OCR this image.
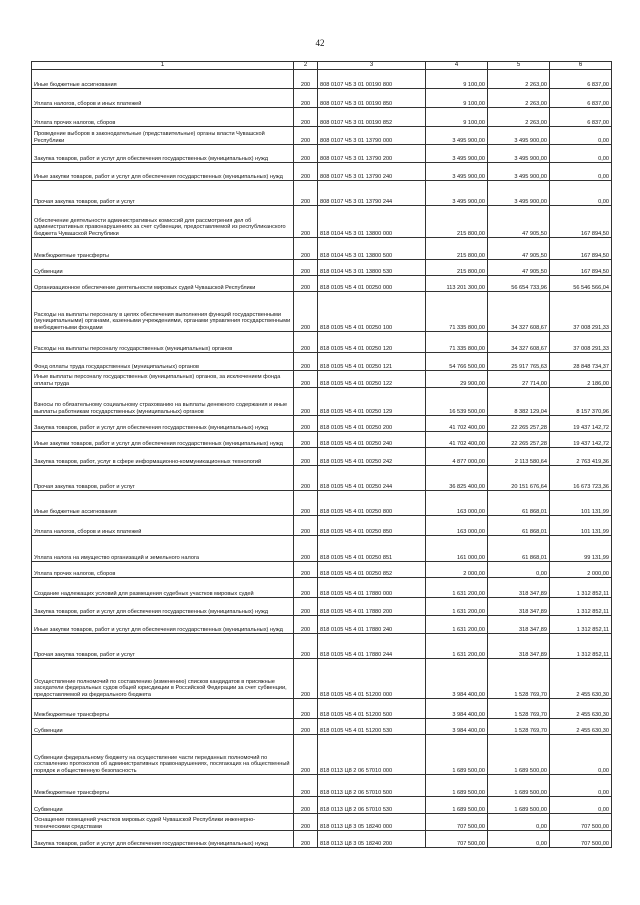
42
1	2	3	4	5	6
Иные бюджетные ассигнования	200	808 0107 Ч5 3 01 00190 800	9 100,00	2 263,00	6 837,00
Уплата налогов, сборов и иных платежей	200	808 0107 Ч5 3 01 00190 850	9 100,00	2 263,00	6 837,00
Уплата прочих налогов, сборов	200	808 0107 Ч5 3 01 00190 852	9 100,00	2 263,00	6 837,00
Проведение выборов в законодательные (представительные) органы власти Чувашской Республики	200	808 0107 Ч5 3 01 13790 000	3 495 900,00	3 495 900,00	0,00
Закупка товаров, работ и услуг для обеспечения государственных (муниципальных) нужд	200	808 0107 Ч5 3 01 13790 200	3 495 900,00	3 495 900,00	0,00
Иные закупки товаров, работ и услуг для обеспечения государственных (муниципальных) нужд	200	808 0107 Ч5 3 01 13790 240	3 495 900,00	3 495 900,00	0,00
Прочая закупка товаров, работ и услуг	200	808 0107 Ч5 3 01 13790 244	3 495 900,00	3 495 900,00	0,00
Обеспечение деятельности административных комиссий для рассмотрения дел об административных правонарушениях за счет субвенции, предоставляемой из республиканского бюджета Чувашской Республики	200	818 0104 Ч5 3 01 13800 000	215 800,00	47 905,50	167 894,50
Межбюджетные трансферты	200	818 0104 Ч5 3 01 13800 500	215 800,00	47 905,50	167 894,50
Субвенции	200	818 0104 Ч5 3 01 13800 530	215 800,00	47 905,50	167 894,50
Организационное обеспечение деятельности мировых судей Чувашской Республики	200	818 0105 Ч5 4 01 00250 000	113 201 300,00	56 654 733,96	56 546 566,04
Расходы на выплаты персоналу в целях обеспечения выполнения функций государственными (муниципальными) органами, казенными учреждениями, органами управления государственными внебюджетными фондами	200	818 0105 Ч5 4 01 00250 100	71 335 800,00	34 327 608,67	37 008 291,33
Расходы на выплаты персоналу государственных (муниципальных) органов	200	818 0105 Ч5 4 01 00250 120	71 335 800,00	34 327 608,67	37 008 291,33
Фонд оплаты труда государственных (муниципальных) органов	200	818 0105 Ч5 4 01 00250 121	54 766 500,00	25 917 765,63	28 848 734,37
Иные выплаты персоналу государственных (муниципальных) органов, за исключением фонда оплаты труда	200	818 0105 Ч5 4 01 00250 122	29 900,00	27 714,00	2 186,00
Взносы по обязательному социальному страхованию на выплаты денежного содержания и иные выплаты работникам государственных (муниципальных) органов	200	818 0105 Ч5 4 01 00250 129	16 539 500,00	8 382 129,04	8 157 370,96
Закупка товаров, работ и услуг для обеспечения государственных (муниципальных) нужд	200	818 0105 Ч5 4 01 00250 200	41 702 400,00	22 265 257,28	19 437 142,72
Иные закупки товаров, работ и услуг для обеспечения государственных (муниципальных) нужд	200	818 0105 Ч5 4 01 00250 240	41 702 400,00	22 265 257,28	19 437 142,72
Закупка товаров, работ, услуг в сфере информационно-коммуникационных технологий	200	818 0105 Ч5 4 01 00250 242	4 877 000,00	2 113 580,64	2 763 419,36
Прочая закупка товаров, работ и услуг	200	818 0105 Ч5 4 01 00250 244	36 825 400,00	20 151 676,64	16 673 723,36
Иные бюджетные ассигнования	200	818 0105 Ч5 4 01 00250 800	163 000,00	61 868,01	101 131,99
Уплата налогов, сборов и иных платежей	200	818 0105 Ч5 4 01 00250 850	163 000,00	61 868,01	101 131,99
Уплата налога на имущество организаций и земельного налога	200	818 0105 Ч5 4 01 00250 851	161 000,00	61 868,01	99 131,99
Уплата прочих налогов, сборов	200	818 0105 Ч5 4 01 00250 852	2 000,00	0,00	2 000,00
Создание надлежащих условий для размещения судебных участков мировых судей	200	818 0105 Ч5 4 01 17880 000	1 631 200,00	318 347,89	1 312 852,11
Закупка товаров, работ и услуг для обеспечения государственных (муниципальных) нужд	200	818 0105 Ч5 4 01 17880 200	1 631 200,00	318 347,89	1 312 852,11
Иные закупки товаров, работ и услуг для обеспечения государственных (муниципальных) нужд	200	818 0105 Ч5 4 01 17880 240	1 631 200,00	318 347,89	1 312 852,11
Прочая закупка товаров, работ и услуг	200	818 0105 Ч5 4 01 17880 244	1 631 200,00	318 347,89	1 312 852,11
Осуществление полномочий по составлению (изменению) списков кандидатов в присяжные заседатели федеральных судов общей юрисдикции в Российской Федерации за счет субвенции, предоставляемой из федерального бюджета	200	818 0105 Ч5 4 01 51200 000	3 984 400,00	1 528 769,70	2 455 630,30
Межбюджетные трансферты	200	818 0105 Ч5 4 01 51200 500	3 984 400,00	1 528 769,70	2 455 630,30
Субвенции	200	818 0105 Ч5 4 01 51200 530	3 984 400,00	1 528 769,70	2 455 630,30
Субвенции федеральному бюджету на осуществление части переданных полномочий по составлению протоколов об административных правонарушениях, посягающих на общественный порядок и общественную безопасность	200	818 0113 Ц8 2 06 57010 000	1 689 500,00	1 689 500,00	0,00
Межбюджетные трансферты	200	818 0113 Ц8 2 06 57010 500	1 689 500,00	1 689 500,00	0,00
Субвенции	200	818 0113 Ц8 2 06 57010 530	1 689 500,00	1 689 500,00	0,00
Оснащение помещений участков мировых судей Чувашской Республики инженерно-техническими средствами	200	818 0113 Ц8 3 05 18240 000	707 500,00	0,00	707 500,00
Закупка товаров, работ и услуг для обеспечения государственных (муниципальных) нужд	200	818 0113 Ц8 3 05 18240 200	707 500,00	0,00	707 500,00
